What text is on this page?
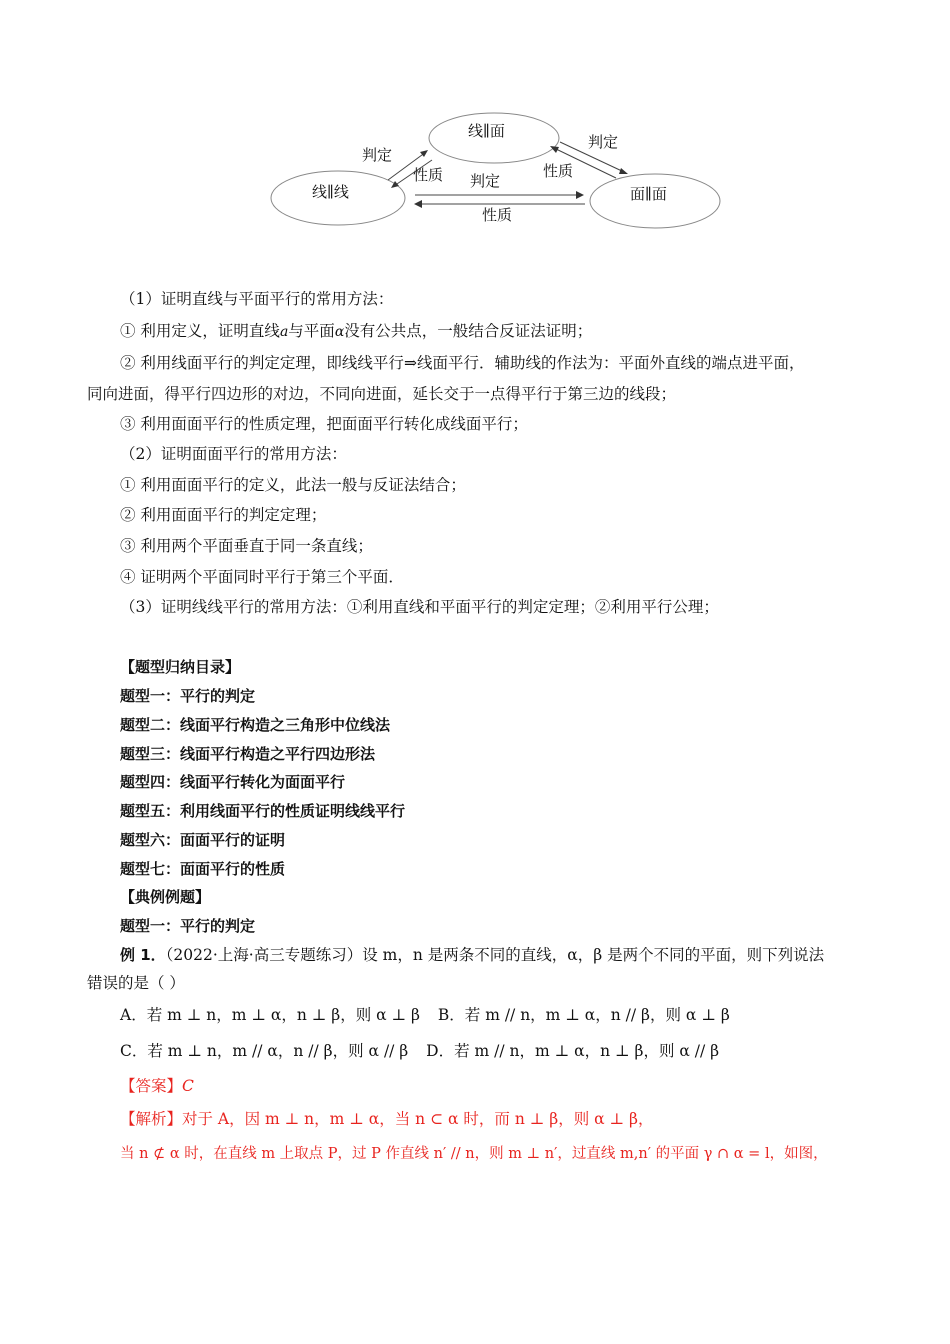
线∥面
线∥线	面∥面
判定
性质
判定
性质
判定
性质
（1）证明直线与平面平行的常用方法：
① 利用定义，证明直线a与平面α没有公共点，一般结合反证法证明；
② 利用线面平行的判定定理，即线线平行⇒线面平行．辅助线的作法为：平面外直线的端点进平面，
同向进面，得平行四边形的对边，不同向进面，延长交于一点得平行于第三边的线段；
③ 利用面面平行的性质定理，把面面平行转化成线面平行；
（2）证明面面平行的常用方法：
① 利用面面平行的定义，此法一般与反证法结合；
② 利用面面平行的判定定理；
③ 利用两个平面垂直于同一条直线；
④ 证明两个平面同时平行于第三个平面．
（3）证明线线平行的常用方法：①利用直线和平面平行的判定定理；②利用平行公理；
【题型归纳目录】
题型一：平行的判定
题型二：线面平行构造之三角形中位线法
题型三：线面平行构造之平行四边形法
题型四：线面平行转化为面面平行
题型五：利用线面平行的性质证明线线平行
题型六：面面平行的证明
题型七：面面平行的性质
【典例例题】
题型一：平行的判定
例 1．（2022·上海·高三专题练习）设 m，n 是两条不同的直线，α，β 是两个不同的平面，则下列说法
错误的是（ ）
A．若 m ⊥ n，m ⊥ α，n ⊥ β，则 α ⊥ β B．若 m // n，m ⊥ α，n // β，则 α ⊥ β
C．若 m ⊥ n，m // α，n // β，则 α // β D．若 m // n，m ⊥ α，n ⊥ β，则 α // β
【答案】C
【解析】对于 A，因 m ⊥ n，m ⊥ α，当 n ⊂ α 时，而 n ⊥ β，则 α ⊥ β，
当 n ⊄ α 时，在直线 m 上取点 P，过 P 作直线 n′ // n，则 m ⊥ n′，过直线 m,n′ 的平面 γ ∩ α = l，如图，
